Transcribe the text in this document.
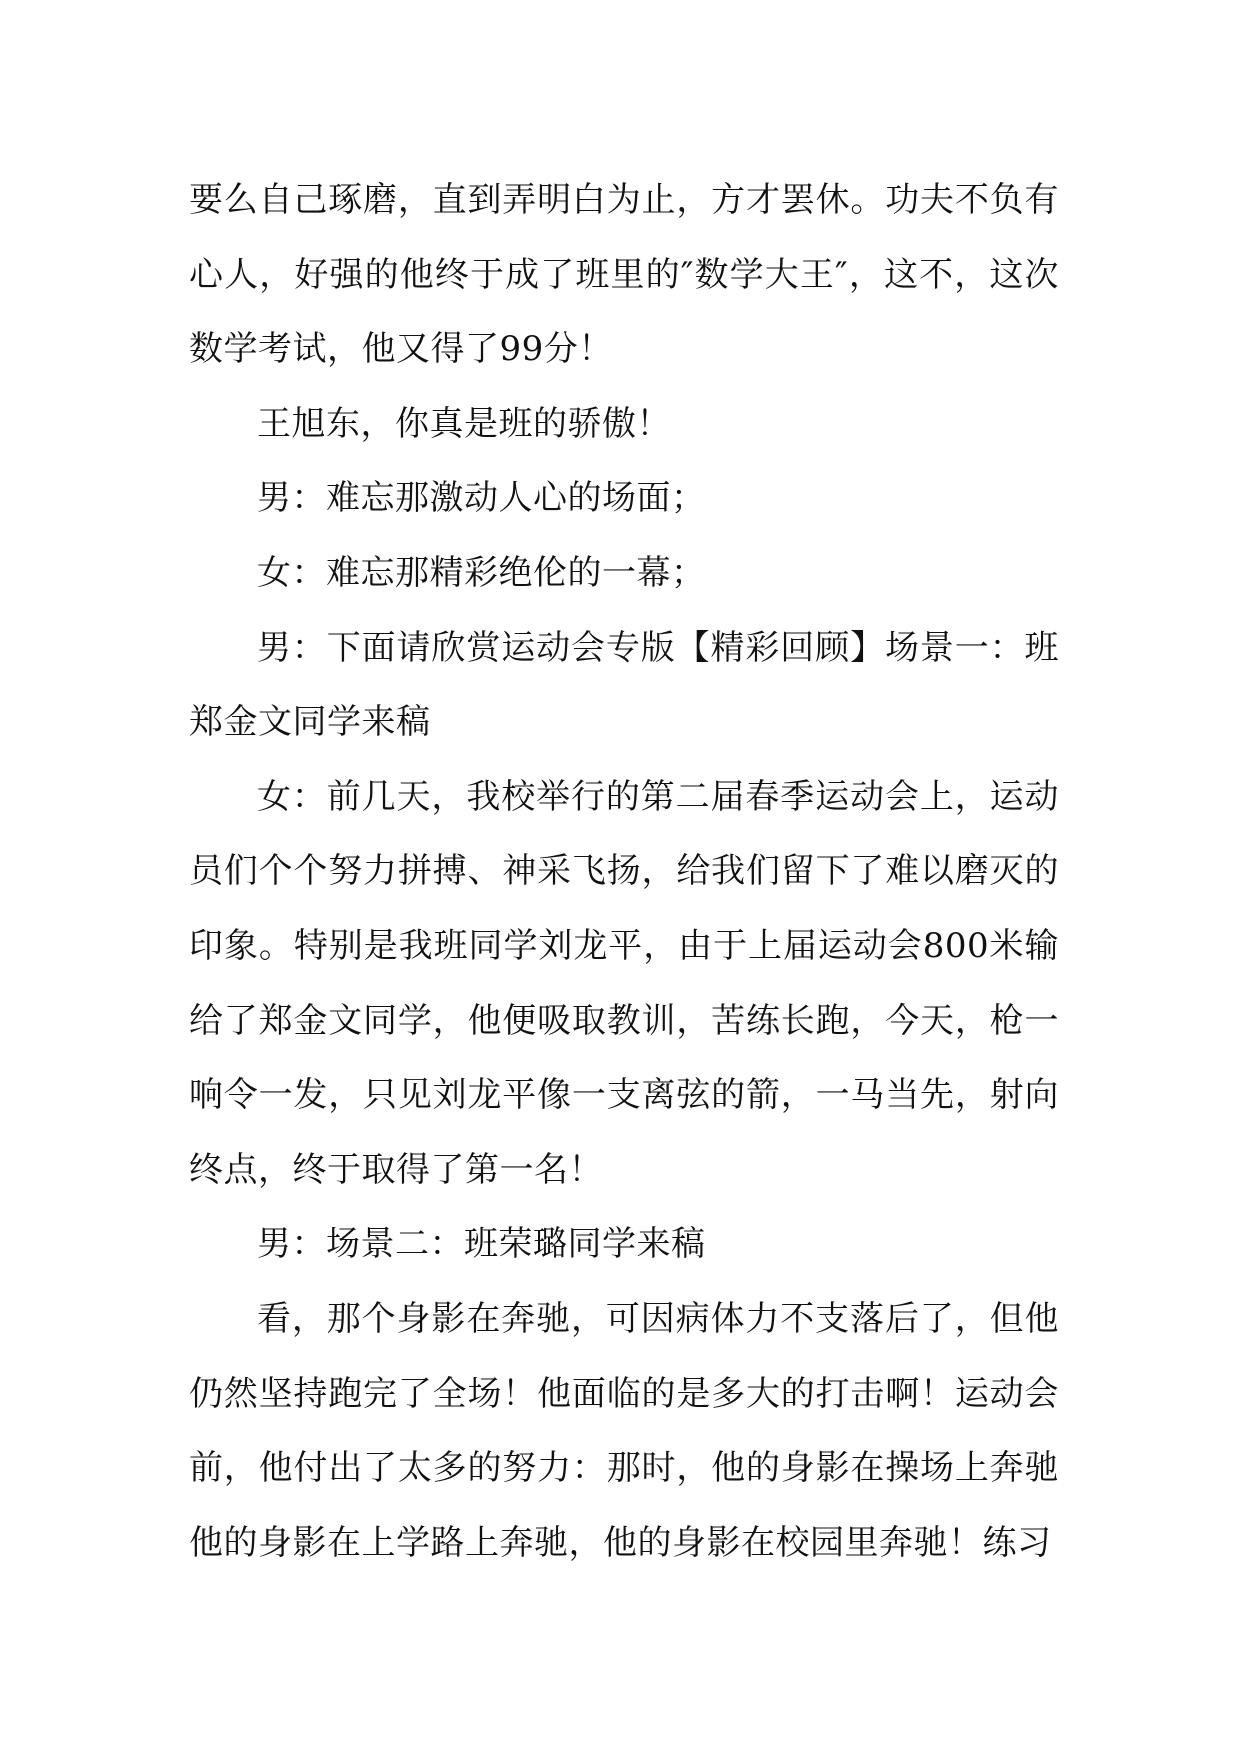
要么自己琢磨，直到弄明白为止，方才罢休。功夫不负有心人，好强的他终于成了班里的″数学大王″，这不，这次数学考试，他又得了99分！

王旭东，你真是班的骄傲！

男：难忘那激动人心的场面；

女：难忘那精彩绝伦的一幕；

男：下面请欣赏运动会专版【精彩回顾】场景一：班郑金文同学来稿

女：前几天，我校举行的第二届春季运动会上，运动员们个个努力拼搏、神采飞扬，给我们留下了难以磨灭的印象。特别是我班同学刘龙平，由于上届运动会800米输给了郑金文同学，他便吸取教训，苦练长跑，今天，枪一响令一发，只见刘龙平像一支离弦的箭，一马当先，射向终点，终于取得了第一名！

男：场景二：班荣璐同学来稿

看，那个身影在奔驰，可因病体力不支落后了，但他仍然坚持跑完了全场！他面临的是多大的打击啊！运动会前，他付出了太多的努力：那时，他的身影在操场上奔驰他的身影在上学路上奔驰，他的身影在校园里奔驰！练习
